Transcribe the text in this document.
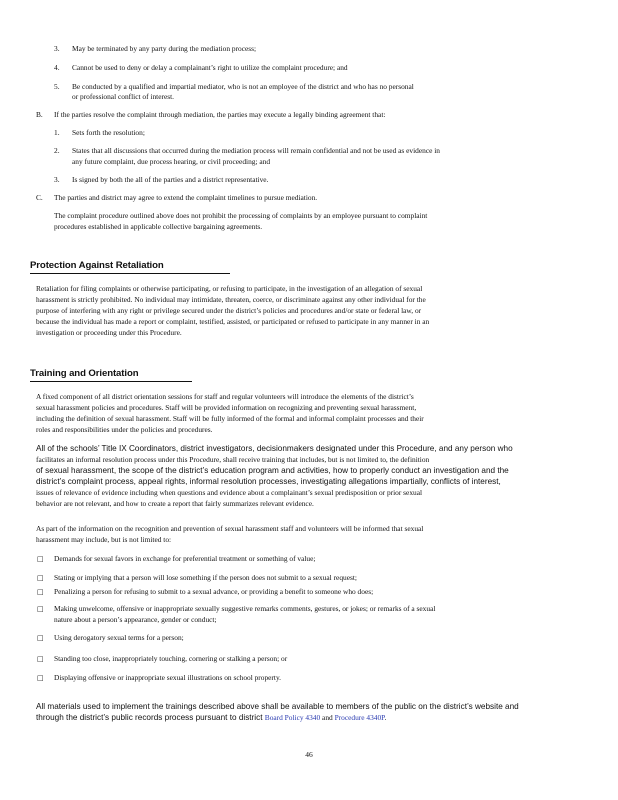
3. May be terminated by any party during the mediation process;
4. Cannot be used to deny or delay a complainant’s right to utilize the complaint procedure; and
5. Be conducted by a qualified and impartial mediator, who is not an employee of the district and who has no personal
or professional conflict of interest.
B. If the parties resolve the complaint through mediation, the parties may execute a legally binding agreement that:
1. Sets forth the resolution;
2. States that all discussions that occurred during the mediation process will remain confidential and not be used as evidence in
any future complaint, due process hearing, or civil proceeding; and
3. Is signed by both the all of the parties and a district representative.
C. The parties and district may agree to extend the complaint timelines to pursue mediation.
The complaint procedure outlined above does not prohibit the processing of complaints by an employee pursuant to complaint
procedures established in applicable collective bargaining agreements.
Protection Against Retaliation
Retaliation for filing complaints or otherwise participating, or refusing to participate, in the investigation of an allegation of sexual
harassment is strictly prohibited. No individual may intimidate, threaten, coerce, or discriminate against any other individual for the
purpose of interfering with any right or privilege secured under the district’s policies and procedures and/or state or federal law, or
because the individual has made a report or complaint, testified, assisted, or participated or refused to participate in any manner in an
investigation or proceeding under this Procedure.
Training and Orientation
A fixed component of all district orientation sessions for staff and regular volunteers will introduce the elements of the district’s
sexual harassment policies and procedures. Staff will be provided information on recognizing and preventing sexual harassment,
including the definition of sexual harassment. Staff will be fully informed of the formal and informal complaint processes and their
roles and responsibilities under the policies and procedures.
All of the schools’ Title IX Coordinators, district investigators, decisionmakers designated under this Procedure, and any person who
facilitates an informal resolution process under this Procedure, shall receive training that includes, but is not limited to, the definition
of sexual harassment, the scope of the district’s education program and activities, how to properly conduct an investigation and the
district’s complaint process, appeal rights, informal resolution processes, investigating allegations impartially, conflicts of interest,
issues of relevance of evidence including when questions and evidence about a complainant’s sexual predisposition or prior sexual
behavior are not relevant, and how to create a report that fairly summarizes relevant evidence.
As part of the information on the recognition and prevention of sexual harassment staff and volunteers will be informed that sexual
harassment may include, but is not limited to:
□ Demands for sexual favors in exchange for preferential treatment or something of value;
□ Stating or implying that a person will lose something if the person does not submit to a sexual request;
□ Penalizing a person for refusing to submit to a sexual advance, or providing a benefit to someone who does;
□ Making unwelcome, offensive or inappropriate sexually suggestive remarks comments, gestures, or jokes; or remarks of a sexual
nature about a person’s appearance, gender or conduct;
□ Using derogatory sexual terms for a person;
□ Standing too close, inappropriately touching, cornering or stalking a person; or
□ Displaying offensive or inappropriate sexual illustrations on school property.
All materials used to implement the trainings described above shall be available to members of the public on the district’s website and
through the district’s public records process pursuant to district Board Policy 4340 and Procedure 4340P.
46
